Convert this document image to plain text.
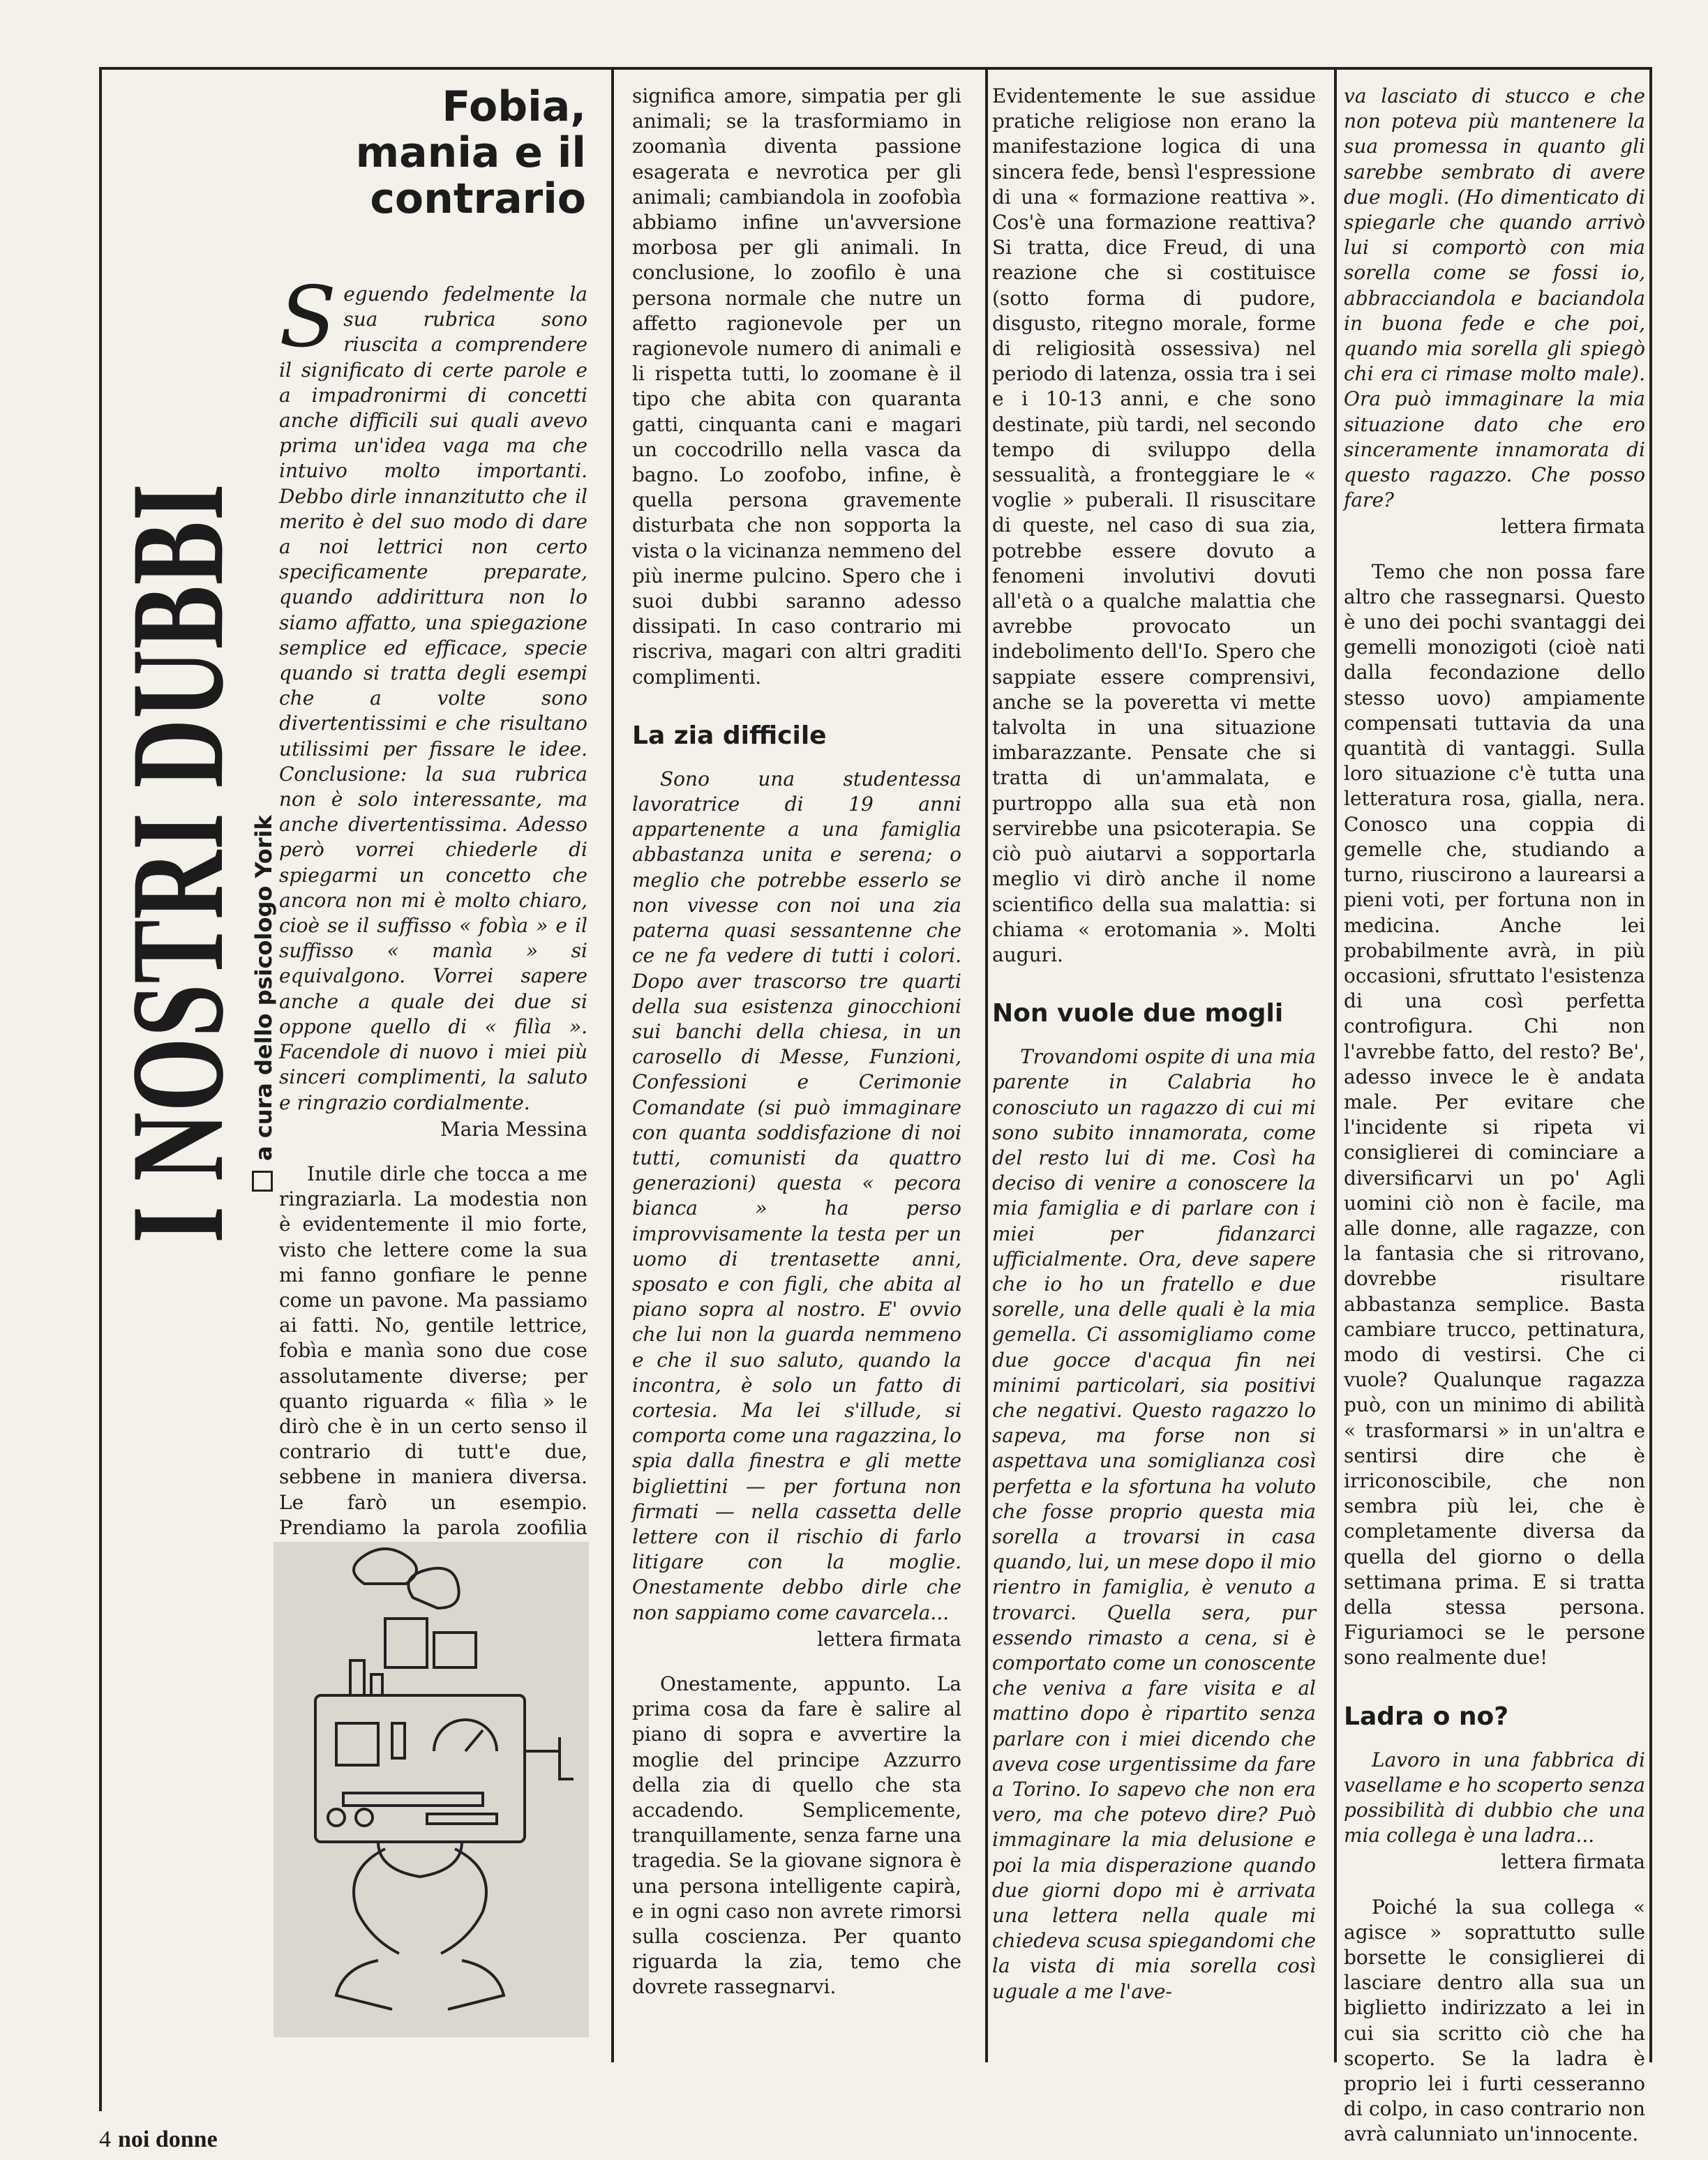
I NOSTRI DUBBI a cura dello psicologo Yorik
Fobia, mania e il contrario

Seguendo fedelmente la sua rubrica sono riuscita a comprendere il significato di certe parole e a impadronirmi di concetti anche difficili sui quali avevo prima un'idea vaga ma che intuivo molto importanti. Debbo dirle innanzitutto che il merito è del suo modo di dare a noi lettrici non certo specificamente preparate, quando addirittura non lo siamo affatto, una spiegazione semplice ed efficace, specie quando si tratta degli esempi che a volte sono divertentissimi e che risultano utilissimi per fissare le idee. Conclusione: la sua rubrica non è solo interessante, ma anche divertentissima. Adesso però vorrei chiederle di spiegarmi un concetto che ancora non mi è molto chiaro, cioè se il suffisso « fobìa » e il suffisso « manìa » si equivalgono. Vorrei sapere anche a quale dei due si oppone quello di « filìa ». Facendole di nuovo i miei più sinceri complimenti, la saluto e ringrazio cordialmente.

Maria Messina

Inutile dirle che tocca a me ringraziarla. La modestia non è evidentemente il mio forte, visto che lettere come la sua mi fanno gonfiare le penne come un pavone. Ma passiamo ai fatti. No, gentile lettrice, fobìa e manìa sono due cose assolutamente diverse; per quanto riguarda « filìa » le dirò che è in un certo senso il contrario di tutt'e due, sebbene in maniera diversa. Le farò un esempio. Prendiamo la parola zoofilia

significa amore, simpatia per gli animali; se la trasformiamo in zoomanìa diventa passione esagerata e nevrotica per gli animali; cambiandola in zoofobìa abbiamo infine un'avversione morbosa per gli animali. In conclusione, lo zoofilo è una persona normale che nutre un affetto ragionevole per un ragionevole numero di animali e li rispetta tutti, lo zoomane è il tipo che abita con quaranta gatti, cinquanta cani e magari un coccodrillo nella vasca da bagno. Lo zoofobo, infine, è quella persona gravemente disturbata che non sopporta la vista o la vicinanza nemmeno del più inerme pulcino. Spero che i suoi dubbi saranno adesso dissipati. In caso contrario mi riscriva, magari con altri graditi complimenti.

La zia difficile

Sono una studentessa lavoratrice di 19 anni appartenente a una famiglia abbastanza unita e serena; o meglio che potrebbe esserlo se non vivesse con noi una zia paterna quasi sessantenne che ce ne fa vedere di tutti i colori. Dopo aver trascorso tre quarti della sua esistenza ginocchioni sui banchi della chiesa, in un carosello di Messe, Funzioni, Confessioni e Cerimonie Comandate (si può immaginare con quanta soddisfazione di noi tutti, comunisti da quattro generazioni) questa « pecora bianca » ha perso improvvisamente la testa per un uomo di trentasette anni, sposato e con figli, che abita al piano sopra al nostro. E' ovvio che lui non la guarda nemmeno e che il suo saluto, quando la incontra, è solo un fatto di cortesia. Ma lei s'illude, si comporta come una ragazzina, lo spia dalla finestra e gli mette bigliettini — per fortuna non firmati — nella cassetta delle lettere con il rischio di farlo litigare con la moglie. Onestamente debbo dirle che non sappiamo come cavarcela...

lettera firmata

Onestamente, appunto. La prima cosa da fare è salire al piano di sopra e avvertire la moglie del principe Azzurro della zia di quello che sta accadendo. Semplicemente, tranquillamente, senza farne una tragedia. Se la giovane signora è una persona intelligente capirà, e in ogni caso non avrete rimorsi sulla coscienza. Per quanto riguarda la zia, temo che dovrete rassegnarvi.

Evidentemente le sue assidue pratiche religiose non erano la manifestazione logica di una sincera fede, bensì l'espressione di una « formazione reattiva ». Cos'è una formazione reattiva? Si tratta, dice Freud, di una reazione che si costituisce (sotto forma di pudore, disgusto, ritegno morale, forme di religiosità ossessiva) nel periodo di latenza, ossia tra i sei e i 10-13 anni, e che sono destinate, più tardi, nel secondo tempo di sviluppo della sessualità, a fronteggiare le « voglie » puberali. Il risuscitare di queste, nel caso di sua zia, potrebbe essere dovuto a fenomeni involutivi dovuti all'età o a qualche malattia che avrebbe provocato un indebolimento dell'Io. Spero che sappiate essere comprensivi, anche se la poveretta vi mette talvolta in una situazione imbarazzante. Pensate che si tratta di un'ammalata, e purtroppo alla sua età non servirebbe una psicoterapia. Se ciò può aiutarvi a sopportarla meglio vi dirò anche il nome scientifico della sua malattia: si chiama « erotomania ». Molti auguri.

Non vuole due mogli

Trovandomi ospite di una mia parente in Calabria ho conosciuto un ragazzo di cui mi sono subito innamorata, come del resto lui di me. Così ha deciso di venire a conoscere la mia famiglia e di parlare con i miei per fidanzarci ufficialmente. Ora, deve sapere che io ho un fratello e due sorelle, una delle quali è la mia gemella. Ci assomigliamo come due gocce d'acqua fin nei minimi particolari, sia positivi che negativi. Questo ragazzo lo sapeva, ma forse non si aspettava una somiglianza così perfetta e la sfortuna ha voluto che fosse proprio questa mia sorella a trovarsi in casa quando, lui, un mese dopo il mio rientro in famiglia, è venuto a trovarci. Quella sera, pur essendo rimasto a cena, si è comportato come un conoscente che veniva a fare visita e al mattino dopo è ripartito senza parlare con i miei dicendo che aveva cose urgentissime da fare a Torino. Io sapevo che non era vero, ma che potevo dire? Può immaginare la mia delusione e poi la mia disperazione quando due giorni dopo mi è arrivata una lettera nella quale mi chiedeva scusa spiegandomi che la vista di mia sorella così uguale a me l'ave-

va lasciato di stucco e che non poteva più mantenere la sua promessa in quanto gli sarebbe sembrato di avere due mogli. (Ho dimenticato di spiegarle che quando arrivò lui si comportò con mia sorella come se fossi io, abbracciandola e baciandola in buona fede e che poi, quando mia sorella gli spiegò chi era ci rimase molto male). Ora può immaginare la mia situazione dato che ero sinceramente innamorata di questo ragazzo. Che posso fare?

lettera firmata

Temo che non possa fare altro che rassegnarsi. Questo è uno dei pochi svantaggi dei gemelli monozigoti (cioè nati dalla fecondazione dello stesso uovo) ampiamente compensati tuttavia da una quantità di vantaggi. Sulla loro situazione c'è tutta una letteratura rosa, gialla, nera. Conosco una coppia di gemelle che, studiando a turno, riuscirono a laurearsi a pieni voti, per fortuna non in medicina. Anche lei probabilmente avrà, in più occasioni, sfruttato l'esistenza di una così perfetta controfigura. Chi non l'avrebbe fatto, del resto? Be', adesso invece le è andata male. Per evitare che l'incidente si ripeta vi consiglierei di cominciare a diversificarvi un po' Agli uomini ciò non è facile, ma alle donne, alle ragazze, con la fantasia che si ritrovano, dovrebbe risultare abbastanza semplice. Basta cambiare trucco, pettinatura, modo di vestirsi. Che ci vuole? Qualunque ragazza può, con un minimo di abilità « trasformarsi » in un'altra e sentirsi dire che è irriconoscibile, che non sembra più lei, che è completamente diversa da quella del giorno o della settimana prima. E si tratta della stessa persona. Figuriamoci se le persone sono realmente due!

Ladra o no?

Lavoro in una fabbrica di vasellame e ho scoperto senza possibilità di dubbio che una mia collega è una ladra...

lettera firmata

Poiché la sua collega « agisce » soprattutto sulle borsette le consiglierei di lasciare dentro alla sua un biglietto indirizzato a lei in cui sia scritto ciò che ha scoperto. Se la ladra è proprio lei i furti cesseranno di colpo, in caso contrario non avrà calunniato un'innocente.

4 noi donne
